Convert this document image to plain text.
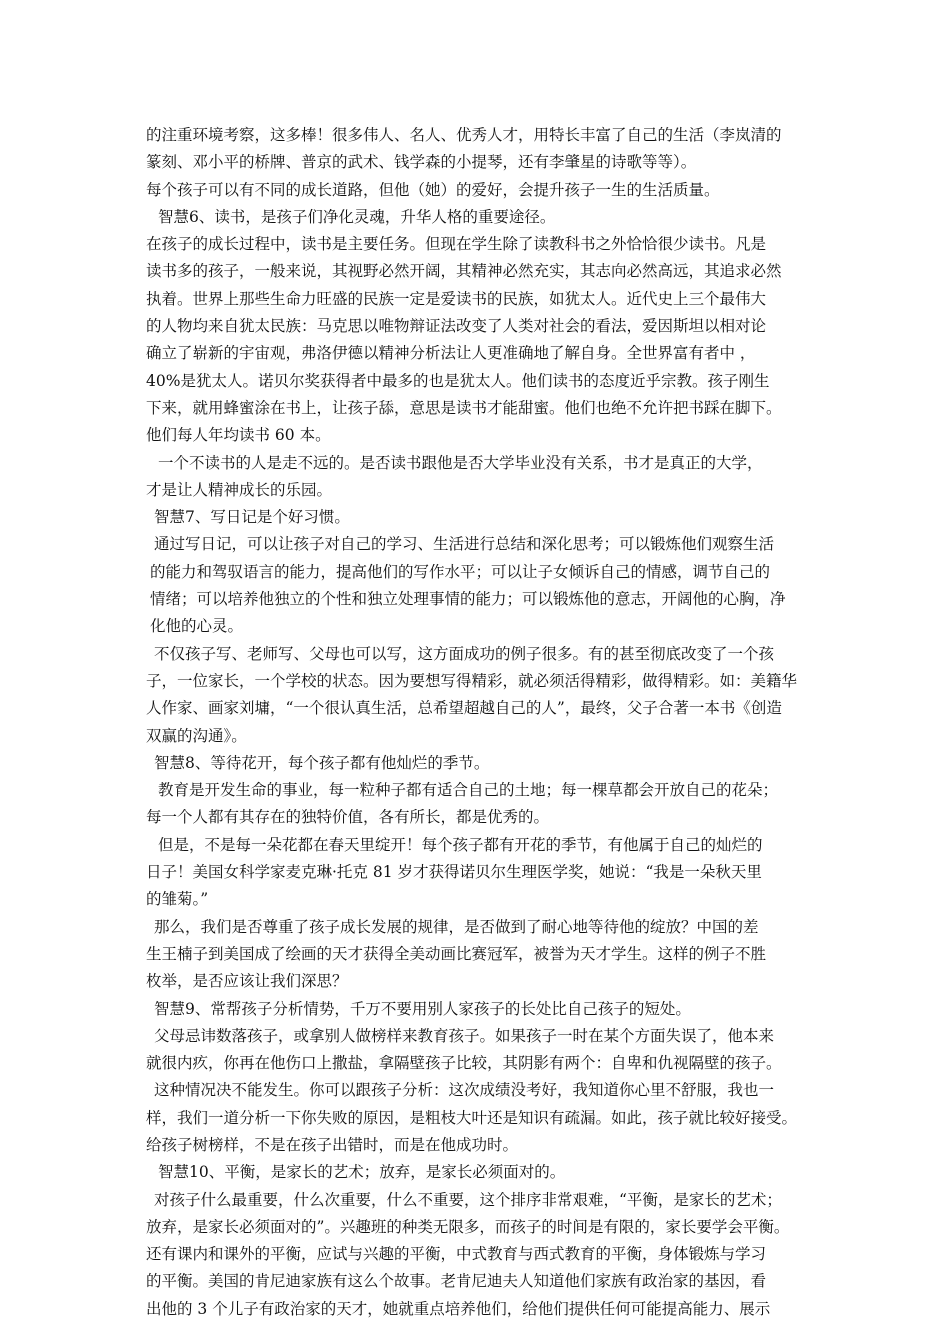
的注重环境考察，这多棒！很多伟人、名人、优秀人才，用特长丰富了自己的生活（李岚清的
篆刻、邓小平的桥牌、普京的武术、钱学森的小提琴，还有李肇星的诗歌等等）。
每个孩子可以有不同的成长道路，但他（她）的爱好，会提升孩子一生的生活质量。
智慧6、读书，是孩子们净化灵魂，升华人格的重要途径。
在孩子的成长过程中，读书是主要任务。但现在学生除了读教科书之外恰恰很少读书。凡是
读书多的孩子，一般来说，其视野必然开阔，其精神必然充实，其志向必然高远，其追求必然
执着。世界上那些生命力旺盛的民族一定是爱读书的民族，如犹太人。近代史上三个最伟大
的人物均来自犹太民族：马克思以唯物辩证法改变了人类对社会的看法，爱因斯坦以相对论
确立了崭新的宇宙观，弗洛伊德以精神分析法让人更准确地了解自身。全世界富有者中 ，
40%是犹太人。诺贝尔奖获得者中最多的也是犹太人。他们读书的态度近乎宗教。孩子刚生
下来，就用蜂蜜涂在书上，让孩子舔，意思是读书才能甜蜜。他们也绝不允许把书踩在脚下。
他们每人年均读书 60 本。
一个不读书的人是走不远的。是否读书跟他是否大学毕业没有关系，书才是真正的大学，
才是让人精神成长的乐园。
智慧7、写日记是个好习惯。
通过写日记，可以让孩子对自己的学习、生活进行总结和深化思考；可以锻炼他们观察生活
的能力和驾驭语言的能力，提高他们的写作水平；可以让子女倾诉自己的情感，调节自己的
情绪；可以培养他独立的个性和独立处理事情的能力；可以锻炼他的意志，开阔他的心胸，净
化他的心灵。
不仅孩子写、老师写、父母也可以写，这方面成功的例子很多。有的甚至彻底改变了一个孩
子，一位家长，一个学校的状态。因为要想写得精彩，就必须活得精彩，做得精彩。如：美籍华
人作家、画家刘墉，“一个很认真生活，总希望超越自己的人”，最终，父子合著一本书《创造
双赢的沟通》。
智慧8、等待花开，每个孩子都有他灿烂的季节。
教育是开发生命的事业，每一粒种子都有适合自己的土地；每一棵草都会开放自己的花朵；
每一个人都有其存在的独特价值，各有所长，都是优秀的。
但是，不是每一朵花都在春天里绽开！每个孩子都有开花的季节，有他属于自己的灿烂的
日子！美国女科学家麦克琳·托克 81 岁才获得诺贝尔生理医学奖，她说：“我是一朵秋天里
的雏菊。”
那么，我们是否尊重了孩子成长发展的规律，是否做到了耐心地等待他的绽放？中国的差
生王楠子到美国成了绘画的天才获得全美动画比赛冠军，被誉为天才学生。这样的例子不胜
枚举，是否应该让我们深思？
智慧9、常帮孩子分析情势，千万不要用别人家孩子的长处比自己孩子的短处。
父母忌讳数落孩子，或拿别人做榜样来教育孩子。如果孩子一时在某个方面失误了，他本来
就很内疚，你再在他伤口上撒盐，拿隔壁孩子比较，其阴影有两个：自卑和仇视隔壁的孩子。
这种情况决不能发生。你可以跟孩子分析：这次成绩没考好，我知道你心里不舒服，我也一
样，我们一道分析一下你失败的原因，是粗枝大叶还是知识有疏漏。如此，孩子就比较好接受。
给孩子树榜样，不是在孩子出错时，而是在他成功时。
智慧10、平衡，是家长的艺术；放弃，是家长必须面对的。
对孩子什么最重要，什么次重要，什么不重要，这个排序非常艰难，“平衡，是家长的艺术；
放弃，是家长必须面对的”。兴趣班的种类无限多，而孩子的时间是有限的，家长要学会平衡。
还有课内和课外的平衡，应试与兴趣的平衡，中式教育与西式教育的平衡，身体锻炼与学习
的平衡。美国的肯尼迪家族有这么个故事。老肯尼迪夫人知道他们家族有政治家的基因，看
出他的 3 个儿子有政治家的天才，她就重点培养他们，给他们提供任何可能提高能力、展示
